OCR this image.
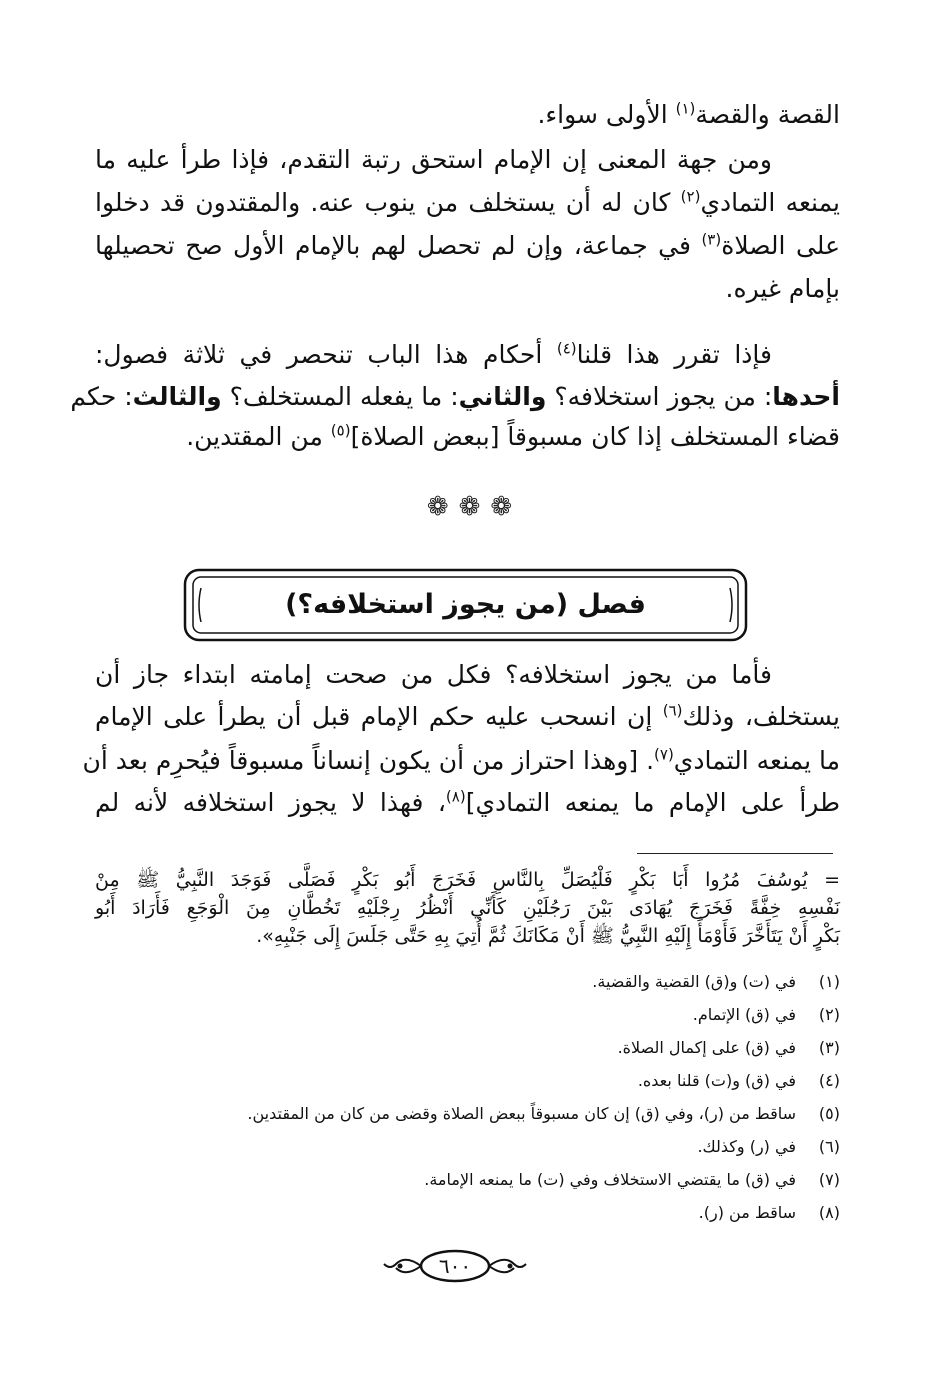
القصة والقصة$^{(١)}$ الأولى سواء.
ومن جهة المعنى إن الإمام استحق رتبة التقدم، فإذا طرأ عليه ما
يمنعه التمادي$^{(٢)}$ كان له أن يستخلف من ينوب عنه. والمقتدون قد دخلوا
على الصلاة$^{(٣)}$ في جماعة، وإن لم تحصل لهم بالإمام الأول صح تحصيلها
بإمام غيره.
فإذا تقرر هذا قلنا$^{(٤)}$ أحكام هذا الباب تنحصر في ثلاثة فصول:
أحدها: من يجوز استخلافه؟ والثاني: ما يفعله المستخلف؟ والثالث: حكم
قضاء المستخلف إذا كان مسبوقاً [ببعض الصلاة]$^{(٥)}$ من المقتدين.
❁❁❁
فصل (من يجوز استخلافه؟)
فأما من يجوز استخلافه؟ فكل من صحت إمامته ابتداء جاز أن
يستخلف، وذلك$^{(٦)}$ إن انسحب عليه حكم الإمام قبل أن يطرأ على الإمام
ما يمنعه التمادي$^{(٧)}$. [وهذا احتراز من أن يكون إنساناً مسبوقاً فيُحرِم بعد أن
طرأ على الإمام ما يمنعه التمادي]$^{(٨)}$، فهذا لا يجوز استخلافه لأنه لم
= يُوسُفَ مُرُوا أَبَا بَكْرٍ فَلْيُصَلِّ بِالنَّاسِ فَخَرَجَ أَبُو بَكْرٍ فَصَلَّى فَوَجَدَ النَّبِيُّ ﷺ مِنْ
نَفْسِهِ خِفَّةً فَخَرَجَ يُهَادَى بَيْنَ رَجُلَيْنِ كَأَنِّي أَنْظُرُ رِجْلَيْهِ تَخُطَّانِ مِنَ الْوَجَعِ فَأَرَادَ أَبُو
بَكْرٍ أَنْ يَتَأَخَّرَ فَأَوْمَأَ إِلَيْهِ النَّبِيُّ ﷺ أَنْ مَكَانَكَ ثُمَّ أُتِيَ بِهِ حَتَّى جَلَسَ إِلَى جَنْبِهِ».
(١)في (ت) و(ق) القضية والقضية.
(٢)في (ق) الإتمام.
(٣)في (ق) على إكمال الصلاة.
(٤)في (ق) و(ت) قلنا بعده.
(٥)ساقط من (ر)، وفي (ق) إن كان مسبوقاً ببعض الصلاة وقضى من كان من المقتدين.
(٦)في (ر) وكذلك.
(٧)في (ق) ما يقتضي الاستخلاف وفي (ت) ما يمنعه الإمامة.
(٨)ساقط من (ر).
٦٠٠
